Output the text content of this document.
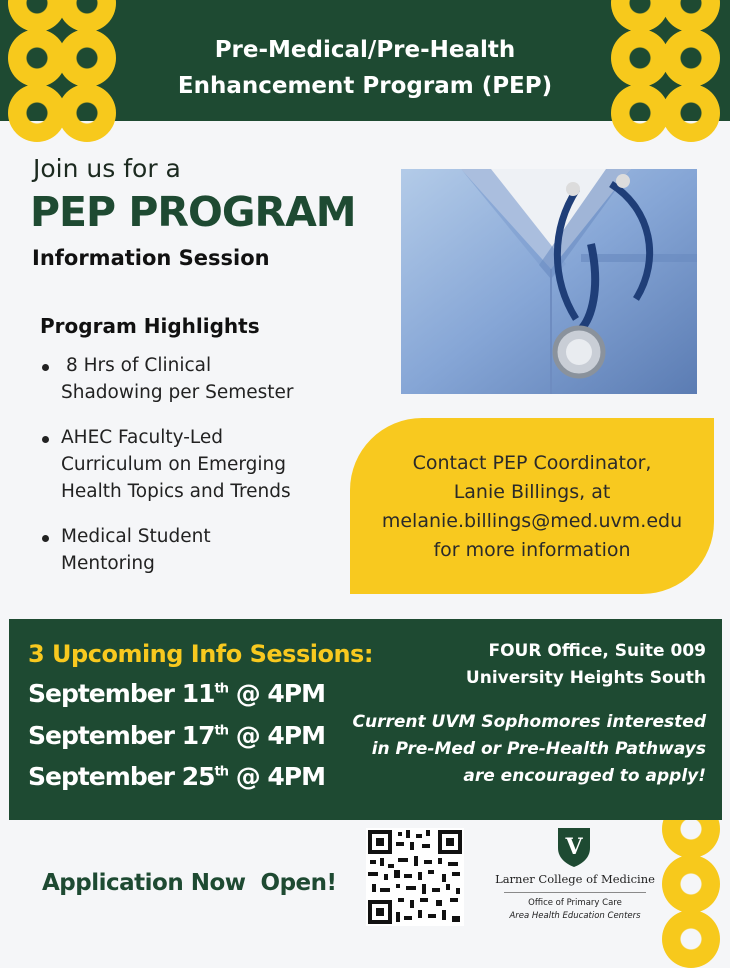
Pre-Medical/Pre-Health
Enhancement Program (PEP)
Join us for a
PEP PROGRAM
Information Session
Program Highlights
8 Hrs of Clinical
Shadowing per Semester
AHEC Faculty-Led
Curriculum on Emerging
Health Topics and Trends
Medical Student
Mentoring
Contact PEP Coordinator,
Lanie Billings, at
melanie.billings@med.uvm.edu
for more information
3 Upcoming Info Sessions:
September 11th @ 4PM
September 17th @ 4PM
September 25th @ 4PM
FOUR Office, Suite 009
University Heights South
Current UVM Sophomores interested
in Pre-Med or Pre-Health Pathways
are encouraged to apply!
Application Now  Open!
V
Larner College of Medicine
Office of Primary Care
Area Health Education Centers
